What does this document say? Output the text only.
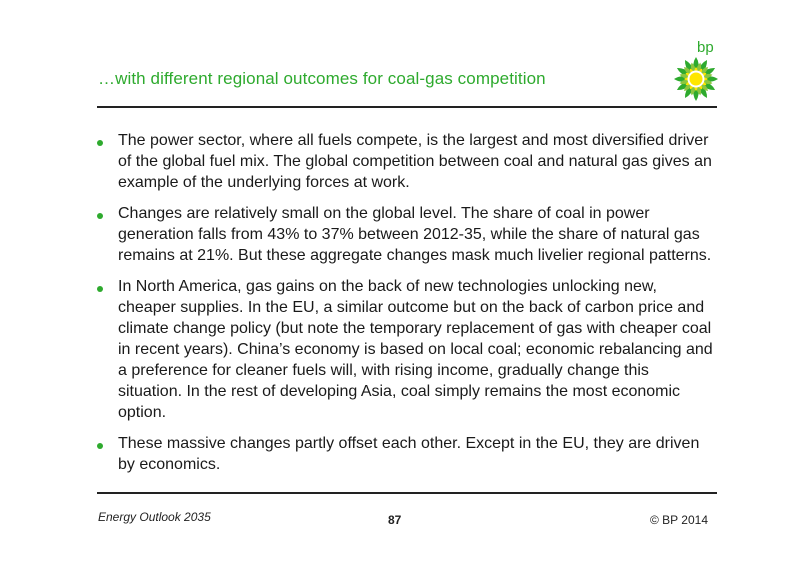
…with different regional outcomes for coal-gas competition
bp
The power sector, where all fuels compete, is the largest and most diversified driver of the global fuel mix. The global competition between coal and natural gas gives an example of the underlying forces at work.
Changes are relatively small on the global level. The share of coal in power generation falls from 43% to 37% between 2012-35, while the share of natural gas remains at 21%. But these aggregate changes mask much livelier regional patterns.
In North America, gas gains on the back of new technologies unlocking new, cheaper supplies. In the EU, a similar outcome but on the back of carbon price and climate change policy (but note the temporary replacement of gas with cheaper coal in recent years). China’s economy is based on local coal; economic rebalancing and a preference for cleaner fuels will, with rising income, gradually change this situation. In the rest of developing Asia, coal simply remains the most economic option.
These massive changes partly offset each other. Except in the EU, they are driven by economics.
Energy Outlook 2035	87	© BP 2014
